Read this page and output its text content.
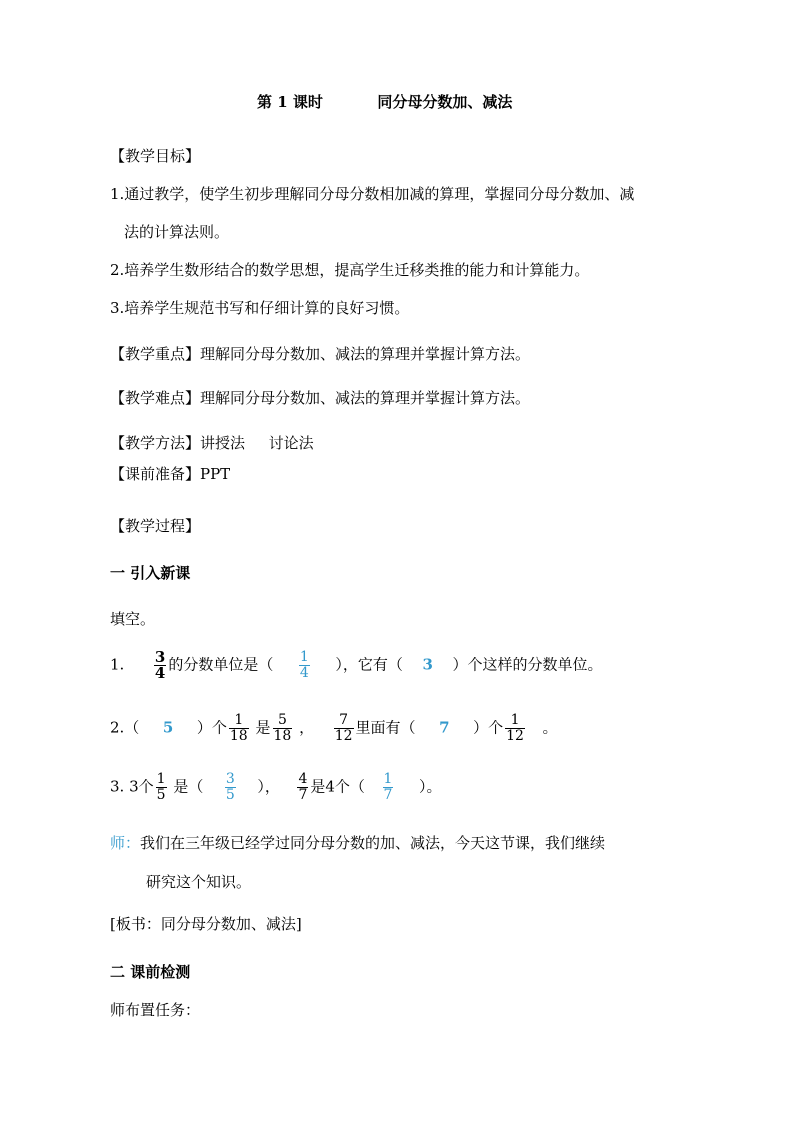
第 1 课时	同分母分数加、减法
【教学目标】
1.通过教学，使学生初步理解同分母分数相加减的算理，掌握同分母分数加、减
法的计算法则。
2.培养学生数形结合的数学思想，提高学生迁移类推的能力和计算能力。
3.培养学生规范书写和仔细计算的良好习惯。
【教学重点】理解同分母分数加、减法的算理并掌握计算方法。
【教学难点】理解同分母分数加、减法的算理并掌握计算方法。
【教学方法】讲授法 讨论法
【课前准备】PPT
【教学过程】
一 引入新课
填空。
1. $\frac{3}{4}$ 的分数单位是（ $\frac{1}{4}$ ），它有（ 3 ）个这样的分数单位。
2.（ 5 ）个 $\frac{1}{18}$ 是 $\frac{5}{18}$ ， $\frac{7}{12}$ 里面有（ 7 ）个 $\frac{1}{12}$ 。
3. 3个 $\frac{1}{5}$ 是（ $\frac{3}{5}$ ）， $\frac{4}{7}$ 是4个（ $\frac{1}{7}$ ）。
师：我们在三年级已经学过同分母分数的加、减法，今天这节课，我们继续
研究这个知识。
[板书：同分母分数加、减法]
二 课前检测
师布置任务：
